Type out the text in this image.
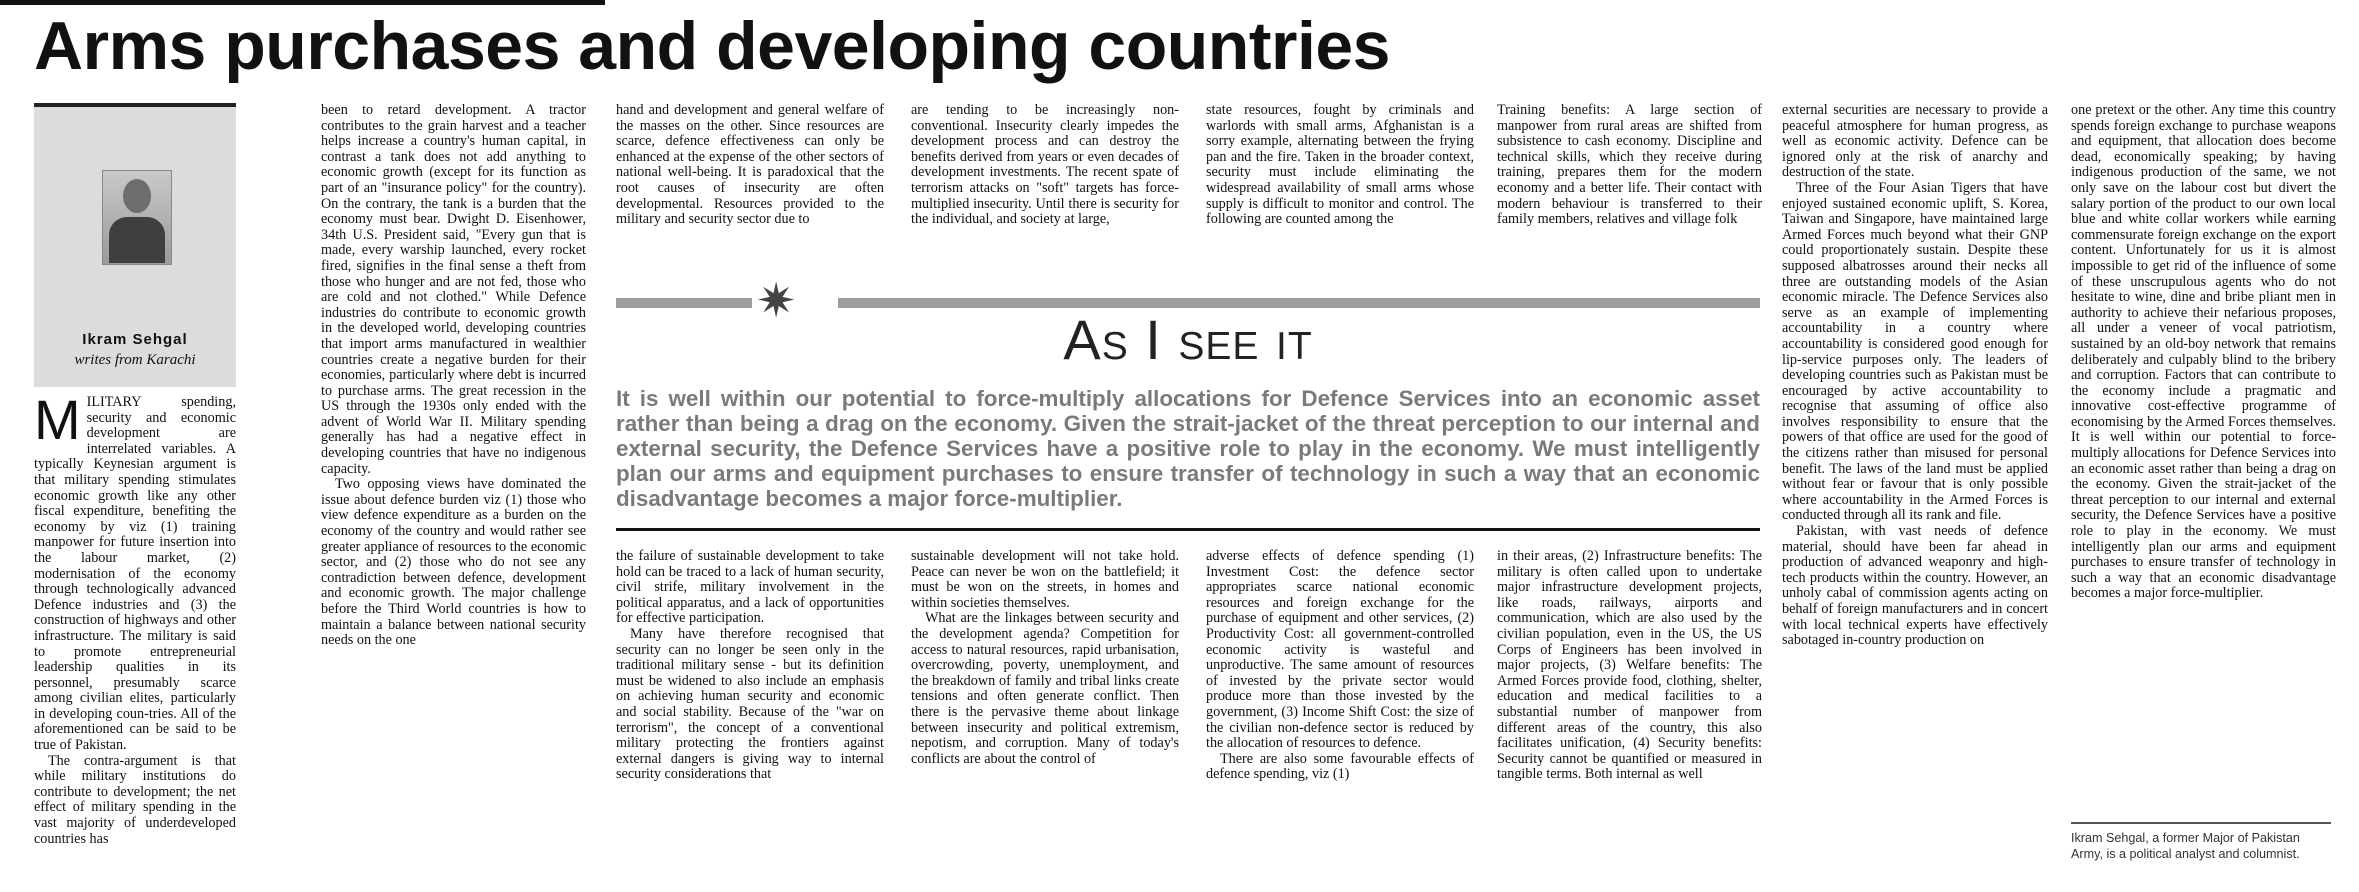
Arms purchases and developing countries
Ikram Sehgal
writes from Karachi

MILITARY spending, security and economic development are interrelated variables. A typically Keynesian argument is that military spending stimulates economic growth like any other fiscal expenditure, benefiting the economy by viz (1) training manpower for future insertion into the labour market, (2) modernisation of the economy through technologically advanced Defence industries and (3) the construction of highways and other infrastructure. The military is said to promote entrepreneurial leadership qualities in its personnel, presumably scarce among civilian elites, particularly in developing coun-tries. All of the aforementioned can be said to be true of Pakistan.

The contra-argument is that while military institutions do contribute to development; the net effect of military spending in the vast majority of underdeveloped countries has

been to retard development. A tractor contributes to the grain harvest and a teacher helps increase a country's human capital, in contrast a tank does not add anything to economic growth (except for its function as part of an "insurance policy" for the country). On the contrary, the tank is a burden that the economy must bear. Dwight D. Eisenhower, 34th U.S. President said, "Every gun that is made, every warship launched, every rocket fired, signifies in the final sense a theft from those who hunger and are not fed, those who are cold and not clothed." While Defence industries do contribute to economic growth in the developed world, developing countries that import arms manufactured in wealthier countries create a negative burden for their economies, particularly where debt is incurred to purchase arms. The great recession in the US through the 1930s only ended with the advent of World War II. Military spending generally has had a negative effect in developing countries that have no indigenous capacity.

Two opposing views have dominated the issue about defence burden viz (1) those who view defence expenditure as a burden on the economy of the country and would rather see greater appliance of resources to the economic sector, and (2) those who do not see any contradiction between defence, development and economic growth. The major challenge before the Third World countries is how to maintain a balance between national security needs on the one

hand and development and general welfare of the masses on the other. Since resources are scarce, defence effectiveness can only be enhanced at the expense of the other sectors of national well-being. It is paradoxical that the root causes of insecurity are often developmental. Resources provided to the military and security sector due to

are tending to be increasingly non-conventional. Insecurity clearly impedes the development process and can destroy the benefits derived from years or even decades of development investments. The recent spate of terrorism attacks on "soft" targets has force-multiplied insecurity. Until there is security for the individual, and society at large,

state resources, fought by criminals and warlords with small arms, Afghanistan is a sorry example, alternating between the frying pan and the fire. Taken in the broader context, security must include eliminating the widespread availability of small arms whose supply is difficult to monitor and control. The following are counted among the

Training benefits: A large section of manpower from rural areas are shifted from subsistence to cash economy. Discipline and technical skills, which they receive during training, prepares them for the modern economy and a better life. Their contact with modern behaviour is transferred to their family members, relatives and village folk

✷
As I see it
It is well within our potential to force-multiply allocations for Defence Services into an economic asset rather than being a drag on the economy. Given the strait-jacket of the threat perception to our internal and external security, the Defence Services have a positive role to play in the economy. We must intelligently plan our arms and equipment purchases to ensure transfer of technology in such a way that an economic disadvantage becomes a major force-multiplier.

the failure of sustainable development to take hold can be traced to a lack of human security, civil strife, military involvement in the political apparatus, and a lack of opportunities for effective participation.

Many have therefore recognised that security can no longer be seen only in the traditional military sense - but its definition must be widened to also include an emphasis on achieving human security and economic and social stability. Because of the "war on terrorism", the concept of a conventional military protecting the frontiers against external dangers is giving way to internal security considerations that

sustainable development will not take hold. Peace can never be won on the battlefield; it must be won on the streets, in homes and within societies themselves.

What are the linkages between security and the development agenda? Competition for access to natural resources, rapid urbanisation, overcrowding, poverty, unemployment, and the breakdown of family and tribal links create tensions and often generate conflict. Then there is the pervasive theme about linkage between insecurity and political extremism, nepotism, and corruption. Many of today's conflicts are about the control of

adverse effects of defence spending (1) Investment Cost: the defence sector appropriates scarce national economic resources and foreign exchange for the purchase of equipment and other services, (2) Productivity Cost: all government-controlled economic activity is wasteful and unproductive. The same amount of resources of invested by the private sector would produce more than those invested by the government, (3) Income Shift Cost: the size of the civilian non-defence sector is reduced by the allocation of resources to defence.

There are also some favourable effects of defence spending, viz (1)

in their areas, (2) Infrastructure benefits: The military is often called upon to undertake major infrastructure development projects, like roads, railways, airports and communication, which are also used by the civilian population, even in the US, the US Corps of Engineers has been involved in major projects, (3) Welfare benefits: The Armed Forces provide food, clothing, shelter, education and medical facilities to a substantial number of manpower from different areas of the country, this also facilitates unification, (4) Security benefits: Security cannot be quantified or measured in tangible terms. Both internal as well

external securities are necessary to provide a peaceful atmosphere for human progress, as well as economic activity. Defence can be ignored only at the risk of anarchy and destruction of the state.

Three of the Four Asian Tigers that have enjoyed sustained economic uplift, S. Korea, Taiwan and Singapore, have maintained large Armed Forces much beyond what their GNP could proportionately sustain. Despite these supposed albatrosses around their necks all three are outstanding models of the Asian economic miracle. The Defence Services also serve as an example of implementing accountability in a country where accountability is considered good enough for lip-service purposes only. The leaders of developing countries such as Pakistan must be encouraged by active accountability to recognise that assuming of office also involves responsibility to ensure that the powers of that office are used for the good of the citizens rather than misused for personal benefit. The laws of the land must be applied without fear or favour that is only possible where accountability in the Armed Forces is conducted through all its rank and file.

Pakistan, with vast needs of defence material, should have been far ahead in production of advanced weaponry and high-tech products within the country. However, an unholy cabal of commission agents acting on behalf of foreign manufacturers and in concert with local technical experts have effectively sabotaged in-country production on

one pretext or the other. Any time this country spends foreign exchange to purchase weapons and equipment, that allocation does become dead, economically speaking; by having indigenous production of the same, we not only save on the labour cost but divert the salary portion of the product to our own local blue and white collar workers while earning commensurate foreign exchange on the export content. Unfortunately for us it is almost impossible to get rid of the influence of some of these unscrupulous agents who do not hesitate to wine, dine and bribe pliant men in authority to achieve their nefarious proposes, all under a veneer of vocal patriotism, sustained by an old-boy network that remains deliberately and culpably blind to the bribery and corruption. Factors that can contribute to the economy include a pragmatic and innovative cost-effective programme of economising by the Armed Forces themselves. It is well within our potential to force-multiply allocations for Defence Services into an economic asset rather than being a drag on the economy. Given the strait-jacket of the threat perception to our internal and external security, the Defence Services have a positive role to play in the economy. We must intelligently plan our arms and equipment purchases to ensure transfer of technology in such a way that an economic disadvantage becomes a major force-multiplier.

Ikram Sehgal, a former Major of Pakistan Army, is a political analyst and columnist.
